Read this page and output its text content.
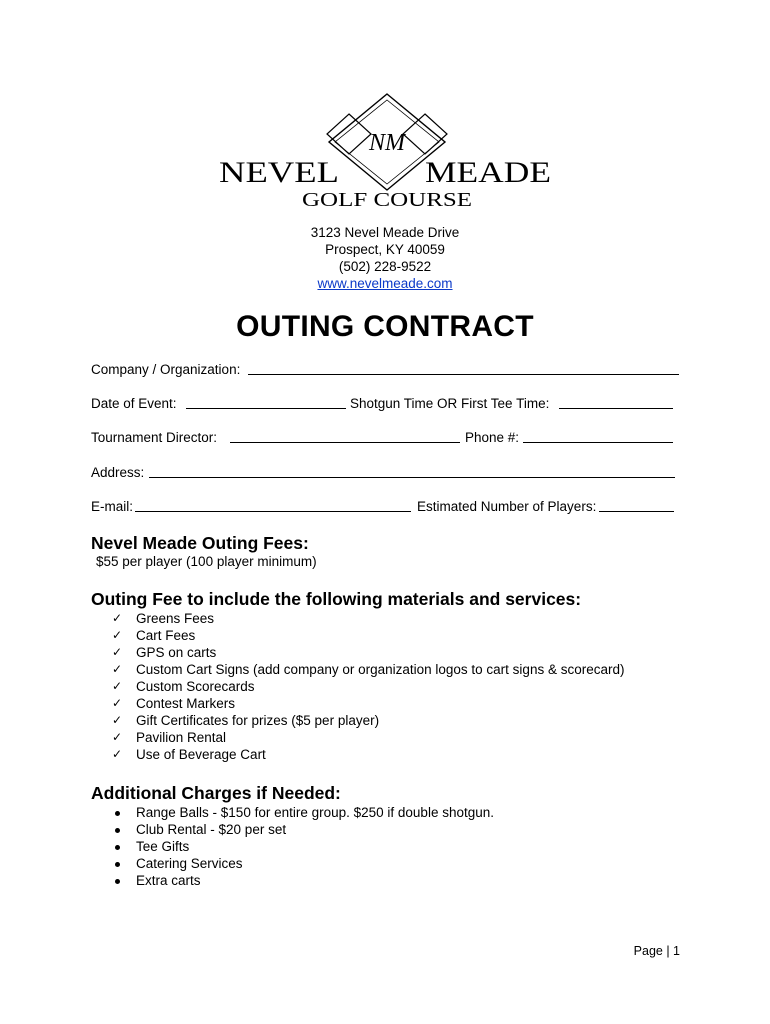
NM
NEVEL	MEADE
GOLF COURSE
3123 Nevel Meade Drive
Prospect, KY 40059
(502) 228-9522
www.nevelmeade.com
OUTING CONTRACT
Company / Organization:
Date of Event:	Shotgun Time OR First Tee Time:
Tournament Director:	Phone #:
Address:
E-mail:	Estimated Number of Players:
Nevel Meade Outing Fees:
$55 per player (100 player minimum)
Outing Fee to include the following materials and services:
✓ Greens Fees
✓ Cart Fees
✓ GPS on carts
✓ Custom Cart Signs (add company or organization logos to cart signs & scorecard)
✓ Custom Scorecards
✓ Contest Markers
✓ Gift Certificates for prizes ($5 per player)
✓ Pavilion Rental
✓ Use of Beverage Cart
Additional Charges if Needed:
Range Balls - $150 for entire group. $250 if double shotgun.
Club Rental - $20 per set
Tee Gifts
Catering Services
Extra carts
Page | 1
